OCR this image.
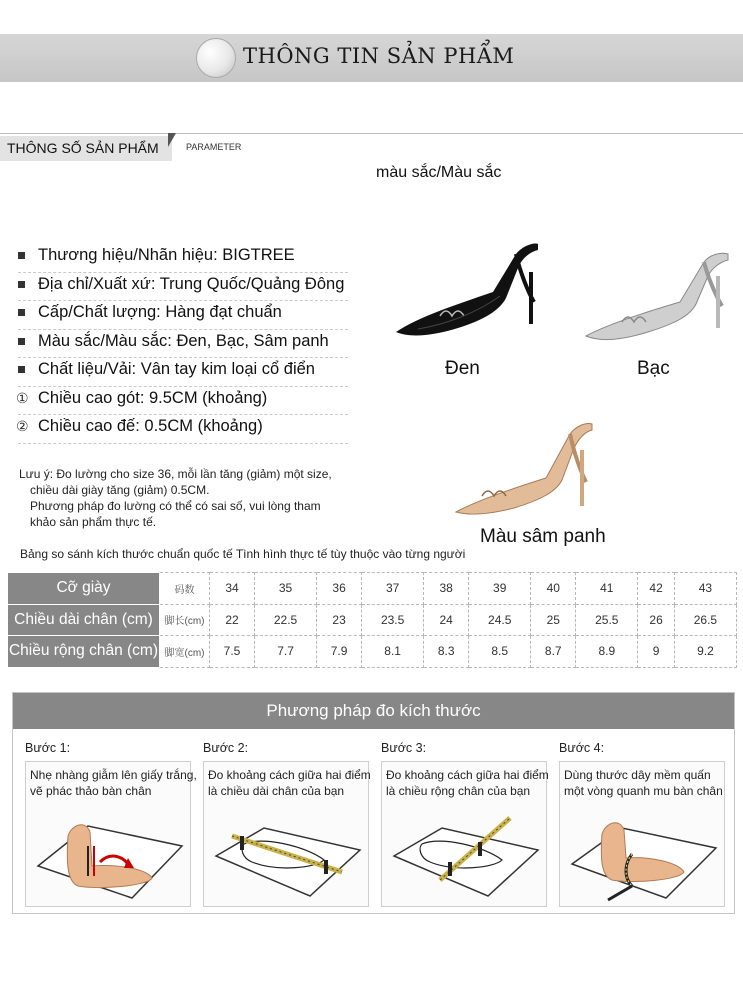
THÔNG TIN SẢN PHẨM
THÔNG SỐ SẢN PHẨM	PARAMETER
màu sắc/Màu sắc
Thương hiệu/Nhãn hiệu: BIGTREE
Địa chỉ/Xuất xứ: Trung Quốc/Quảng Đông
Cấp/Chất lượng: Hàng đạt chuẩn
Màu sắc/Màu sắc: Đen, Bạc, Sâm panh
Chất liệu/Vải: Vân tay kim loại cổ điển
① Chiều cao gót: 9.5CM (khoảng)
② Chiều cao đế: 0.5CM (khoảng)
Đen	Bạc
Màu sâm panh
Lưu ý: Đo lường cho size 36, mỗi lần tăng (giảm) một size,
chiều dài giày tăng (giảm) 0.5CM.
Phương pháp đo lường có thể có sai số, vui lòng tham
khảo sản phẩm thực tế.
Bảng so sánh kích thước chuẩn quốc tế Tình hình thực tế tùy thuộc vào từng người
Cỡ giày	码数	34	35	36	37	38	39	40	41	42	43
Chiều dài chân (cm)	脚长(cm)	22	22.5	23	23.5	24	24.5	25	25.5	26	26.5
Chiều rộng chân (cm)	脚宽(cm)	7.5	7.7	7.9	8.1	8.3	8.5	8.7	8.9	9	9.2
Phương pháp đo kích thước
Bước 1:
Nhẹ nhàng giẫm lên giấy trắng,
vẽ phác thảo bàn chân
Bước 2:
Đo khoảng cách giữa hai điểm
là chiều dài chân của bạn
Bước 3:
Đo khoảng cách giữa hai điểm
là chiều rộng chân của bạn
Bước 4:
Dùng thước dây mềm quấn
một vòng quanh mu bàn chân
